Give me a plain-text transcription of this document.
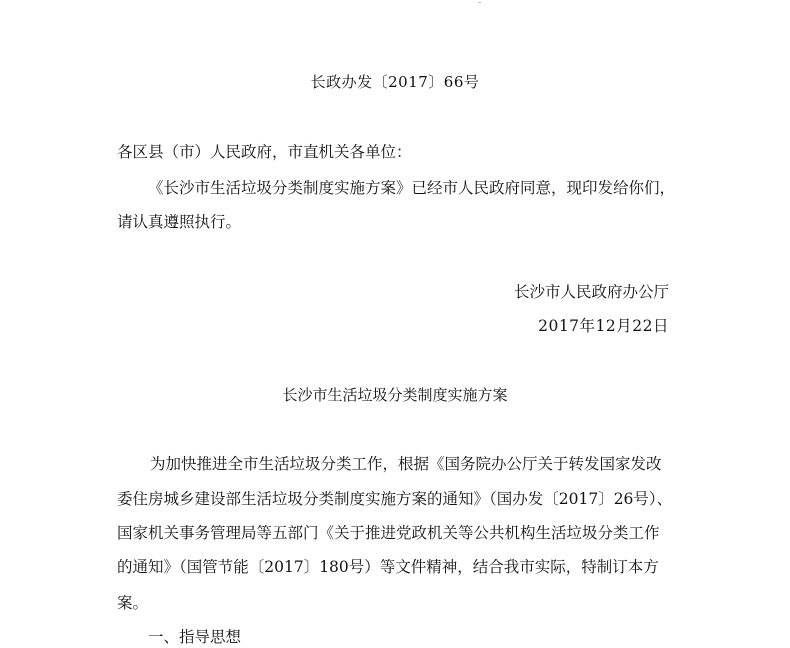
长政办发〔2017〕66号
各区县（市）人民政府，市直机关各单位：
《长沙市生活垃圾分类制度实施方案》已经市人民政府同意，现印发给你们，
请认真遵照执行。
长沙市人民政府办公厅
2017年12月22日
长沙市生活垃圾分类制度实施方案
为加快推进全市生活垃圾分类工作，根据《国务院办公厅关于转发国家发改
委住房城乡建设部生活垃圾分类制度实施方案的通知》（国办发〔2017〕26号）、
国家机关事务管理局等五部门《关于推进党政机关等公共机构生活垃圾分类工作
的通知》（国管节能〔2017〕180号）等文件精神，结合我市实际，特制订本方
案。
一、指导思想
